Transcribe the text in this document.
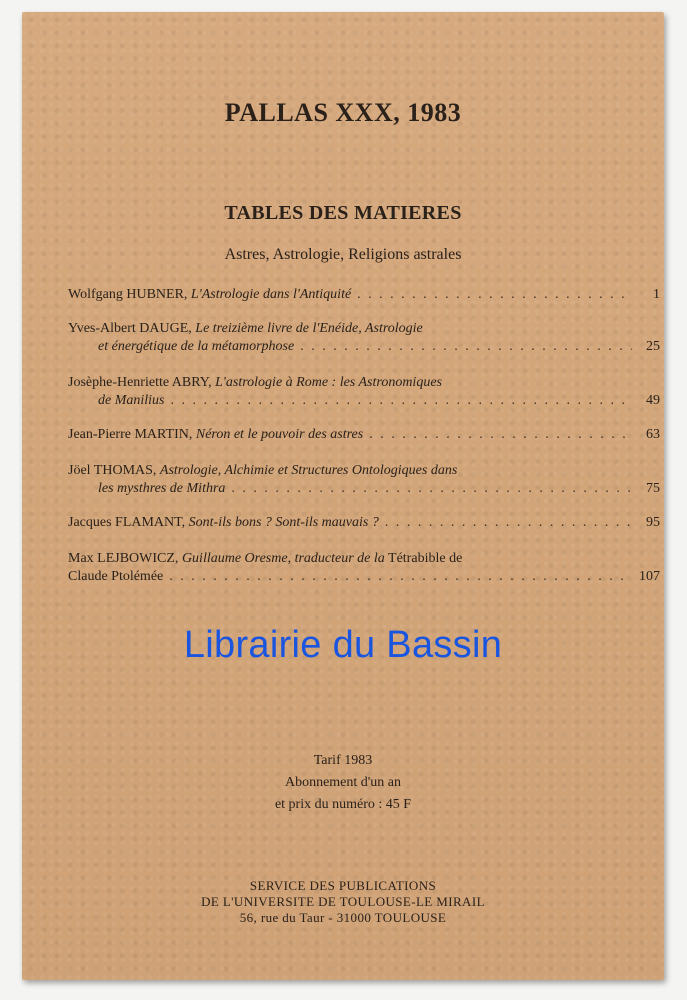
PALLAS XXX, 1983
TABLES DES MATIERES
Astres, Astrologie, Religions astrales
Wolfgang HUBNER, L'Astrologie dans l'Antiquité . . .	1
Yves-Albert DAUGE, Le treizième livre de l'Enéide, Astrologie
et énergétique de la métamorphose . . .	25
Josèphe-Henriette ABRY, L'astrologie à Rome : les Astronomiques
de Manilius . . .	49
Jean-Pierre MARTIN, Néron et le pouvoir des astres . . .	63
Jöel THOMAS, Astrologie, Alchimie et Structures Ontologiques dans
les mysthres de Mithra . . .	75
Jacques FLAMANT, Sont-ils bons ? Sont-ils mauvais ? . . .	95
Max LEJBOWICZ, Guillaume Oresme, traducteur de la Tétrabible de
Claude Ptolémée . . .	107
Librairie du Bassin
Tarif 1983
Abonnement d'un an
et prix du numéro : 45 F
SERVICE DES PUBLICATIONS
DE L'UNIVERSITE DE TOULOUSE-LE MIRAIL
56, rue du Taur - 31000 TOULOUSE
